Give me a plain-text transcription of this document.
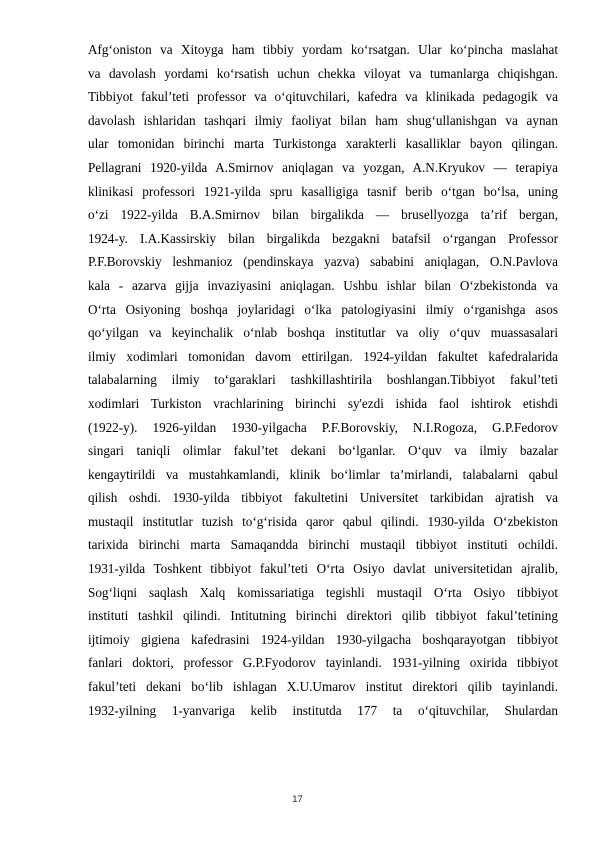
Afg‘oniston va Xitoyga ham tibbiy yordam ko‘rsatgan. Ular ko‘pincha maslahat
va davolash yordami ko‘rsatish uchun chekka viloyat va tumanlarga chiqishgan.
Tibbiyot fakul’teti professor va o‘qituvchilari, kafedra va klinikada pedagogik va
davolash ishlaridan tashqari ilmiy faoliyat bilan ham shug‘ullanishgan va aynan
ular tomonidan birinchi marta Turkistonga xarakterli kasalliklar bayon qilingan.
Pellagrani 1920-yilda A.Smirnov aniqlagan va yozgan, A.N.Kryukov — terapiya
klinikasi professori 1921-yilda spru kasalligiga tasnif berib o‘tgan bo‘lsa, uning
o‘zi 1922-yilda B.A.Smirnov bilan birgalikda — brusellyozga ta’rif bergan,
1924-y. I.A.Kassirskiy bilan birgalikda bezgakni batafsil o‘rgangan Professor
P.F.Borovskiy leshmanioz (pendinskaya yazva) sababini aniqlagan, O.N.Pavlova
kala - azarva gijja invaziyasini aniqlagan. Ushbu ishlar bilan O‘zbekistonda va
O‘rta Osiyoning boshqa joylaridagi o‘lka patologiyasini ilmiy o‘rganishga asos
qo‘yilgan va keyinchalik o‘nlab boshqa institutlar va oliy o‘quv muassasalari
ilmiy xodimlari tomonidan davom ettirilgan. 1924-yildan fakultet kafedralarida
talabalarning ilmiy to‘garaklari tashkillashtirila boshlangan.Tibbiyot fakul’teti
xodimlari Turkiston vrachlarining birinchi sy'ezdi ishida faol ishtirok etishdi
(1922-y). 1926-yildan 1930-yilgacha P.F.Borovskiy, N.I.Rogoza, G.P.Fedorov
singari taniqli olimlar fakul’tet dekani bo‘lganlar. O‘quv va ilmiy bazalar
kengaytirildi va mustahkamlandi, klinik bo‘limlar ta’mirlandi, talabalarni qabul
qilish oshdi. 1930-yilda tibbiyot fakultetini Universitet tarkibidan ajratish va
mustaqil institutlar tuzish to‘g‘risida qaror qabul qilindi. 1930-yilda O‘zbekiston
tarixida birinchi marta Samaqandda birinchi mustaqil tibbiyot instituti ochildi.
1931-yilda Toshkent tibbiyot fakul’teti O‘rta Osiyo davlat universitetidan ajralib,
Sog‘liqni saqlash Xalq komissariatiga tegishli mustaqil O‘rta Osiyo tibbiyot
instituti tashkil qilindi. Intitutning birinchi direktori qilib tibbiyot fakul’tetining
ijtimoiy gigiena kafedrasini 1924-yildan 1930-yilgacha boshqarayotgan tibbiyot
fanlari doktori, professor G.P.Fyodorov tayinlandi. 1931-yilning oxirida tibbiyot
fakul’teti dekani bo‘lib ishlagan X.U.Umarov institut direktori qilib tayinlandi.
1932-yilning 1-yanvariga kelib institutda 177 ta o‘qituvchilar, Shulardan
17
